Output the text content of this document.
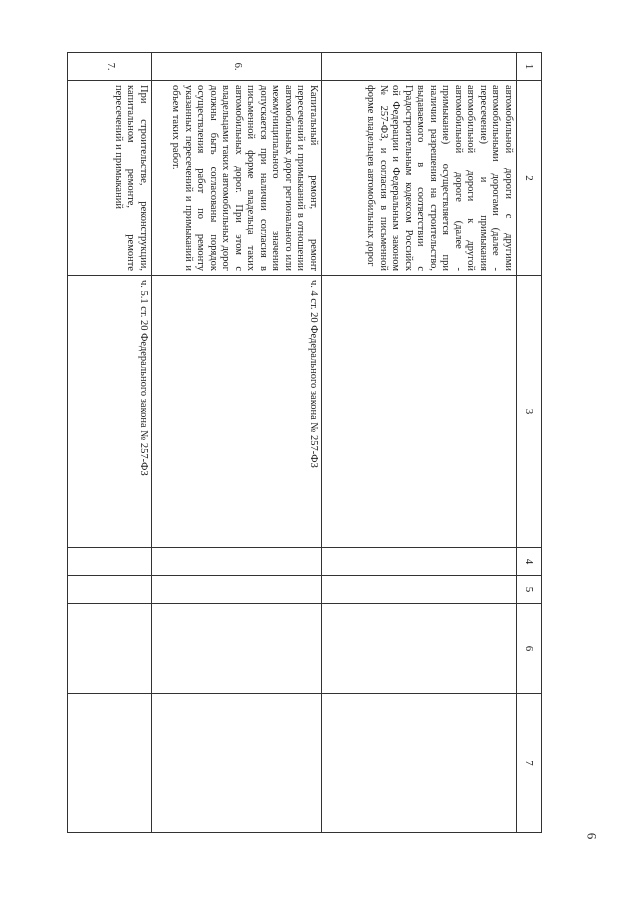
6
1	2	3	4	5	6	7
	автомобильной дороги с другими автомобильными дорогами (далее - пересечение) и примыкания автомобильной дороги к другой автомобильной дороге (далее - примыкание) осуществляется при наличии разрешения на строительство, выдаваемого в соответствии с Градостроительным кодексом Российск ой Федерации и Федеральным законом № 257-ФЗ, и согласия в письменной форме владельцев автомобильных дорог					
6.	Капитальный ремонт, ремонт пересечений и примыканий в отношении автомобильных дорог регионального или межмуниципального значения допускается при наличии согласия в письменной форме владельца таких автомобильных дорог. При этом с владельцами таких автомобильных дорог должны быть согласованы порядок осуществления работ по ремонту указанных пересечений и примыканий и объем таких работ.	ч. 4 ст. 20 Федерального закона № 257-ФЗ				
7.	При строительстве, реконструкции, капитальном ремонте, ремонте пересечений и примыканий	ч. 5.1 ст. 20 Федерального закона № 257-ФЗ				
